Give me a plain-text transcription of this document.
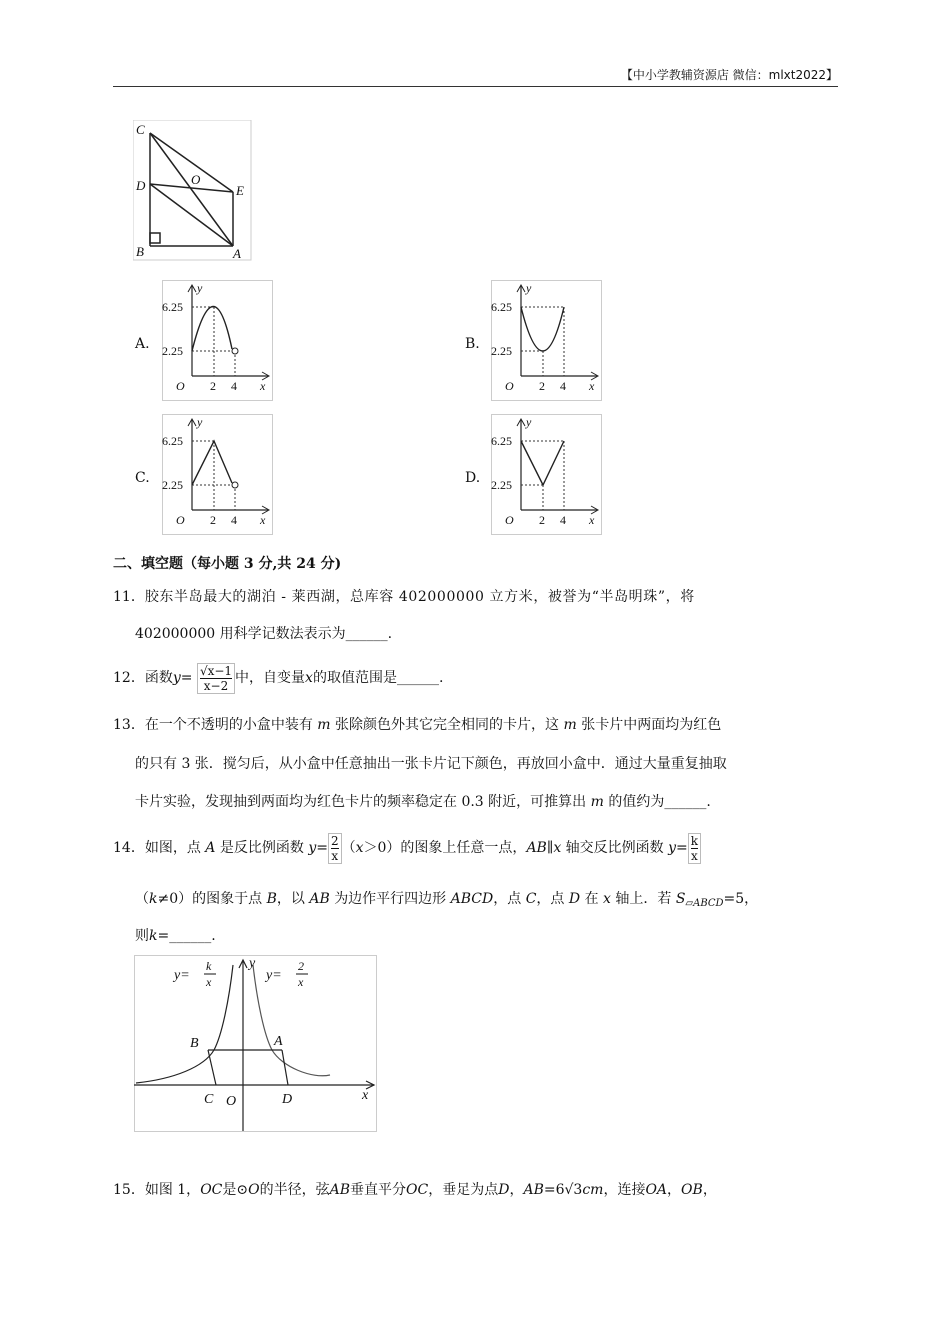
【中小学教辅资源店 微信：mlxt2022】
C
D	O
E
B	A
A.	B.
C.	D.
y
O	x
6.25
2.25
2 4
y
O	x
6.25
2.25
2 4
y
O	x
6.25
2.25
2 4
y
O	x
6.25
2.25
2 4
二、填空题（每小题 3 分,共 24 分)
11．胶东半岛最大的湖泊 - 莱西湖，总库容 402000000 立方米，被誉为“半岛明珠”，将
402000000 用科学记数法表示为______.
12．函数$y= \frac{√x-1}{x-2}$ 中，自变量x的取值范围是______.
13．在一个不透明的小盒中装有 m 张除颜色外其它完全相同的卡片，这 m 张卡片中两面均为红色
的只有 3 张．搅匀后，从小盒中任意抽出一张卡片记下颜色，再放回小盒中．通过大量重复抽取
卡片实验，发现抽到两面均为红色卡片的频率稳定在 0.3 附近，可推算出 m 的值约为______.
14．如图，点 A 是反比例函数 $y= \frac{2}{x} (x>0)$的图象上任意一点，AB∥x 轴交反比例函数 $y= \frac{k}{x}$
（k≠0）的图象于点 B，以 AB 为边作平行四边形 ABCD，点 C，点 D 在 x 轴上．若 $S_{▱ABCD}=5$，
则k=______.
y=
k
x	y=
2
x
y
B	A
C O	D	x
15．如图 1，OC是⊙O的半径，弦AB垂直平分OC，垂足为点D，AB=6√3cm，连接OA，OB，
